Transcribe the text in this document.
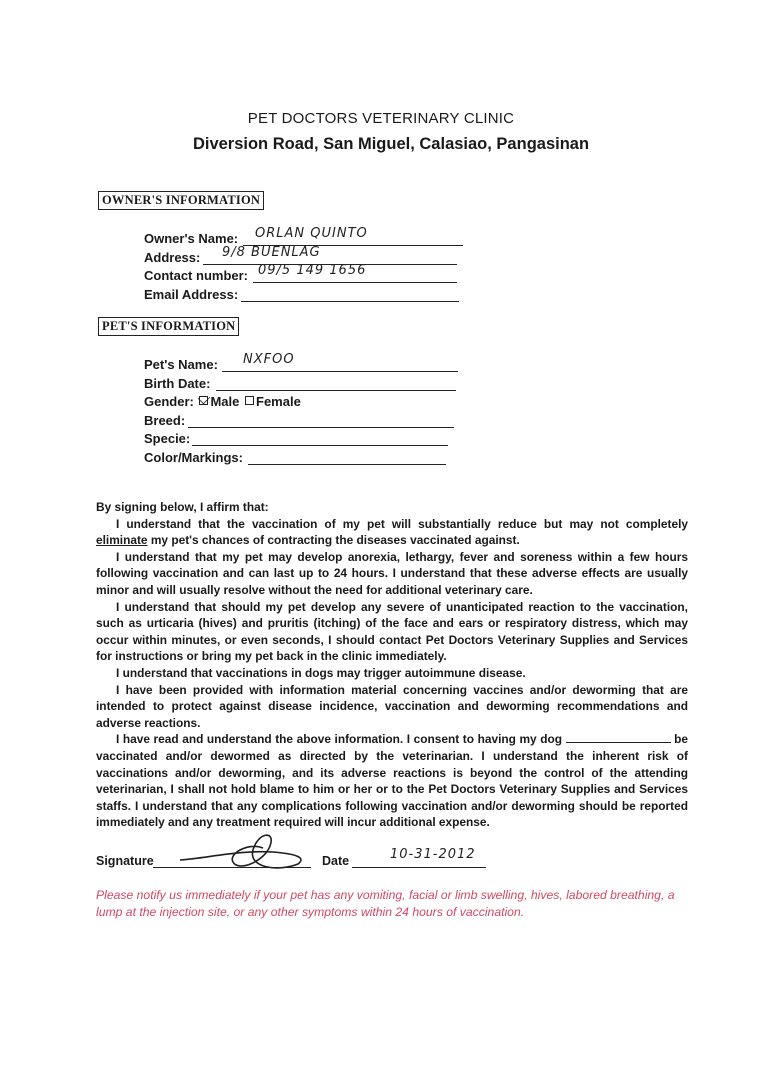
PET DOCTORS VETERINARY CLINIC
Diversion Road, San Miguel, Calasiao, Pangasinan
OWNER'S INFORMATION
Owner's Name: ORLAN QUINTO
Address: 9/8 BUENLAG
Contact number: 09/5 149 1656
Email Address:
PET'S INFORMATION
Pet's Name: NXFOO
Birth Date:
Gender: Male Female
Breed:
Specie:
Color/Markings:

By signing below, I affirm that:

I understand that the vaccination of my pet will substantially reduce but may not completely eliminate my pet's chances of contracting the diseases vaccinated against.

I understand that my pet may develop anorexia, lethargy, fever and soreness within a few hours following vaccination and can last up to 24 hours. I understand that these adverse effects are usually minor and will usually resolve without the need for additional veterinary care.

I understand that should my pet develop any severe of unanticipated reaction to the vaccination, such as urticaria (hives) and pruritis (itching) of the face and ears or respiratory distress, which may occur within minutes, or even seconds, I should contact Pet Doctors Veterinary Supplies and Services for instructions or bring my pet back in the clinic immediately.

I understand that vaccinations in dogs may trigger autoimmune disease.

I have been provided with information material concerning vaccines and/or deworming that are intended to protect against disease incidence, vaccination and deworming recommendations and adverse reactions.

I have read and understand the above information. I consent to having my dog	be vaccinated and/or dewormed as directed by the veterinarian. I understand the inherent risk of vaccinations and/or deworming, and its adverse reactions is beyond the control of the attending veterinarian, I shall not hold blame to him or her or to the Pet Doctors Veterinary Supplies and Services staffs. I understand that any complications following vaccination and/or deworming should be reported immediately and any treatment required will incur additional expense.

Signature	Date	10-31-2012
Please notify us immediately if your pet has any vomiting, facial or limb swelling, hives, labored breathing, a lump at the injection site, or any other symptoms within 24 hours of vaccination.
